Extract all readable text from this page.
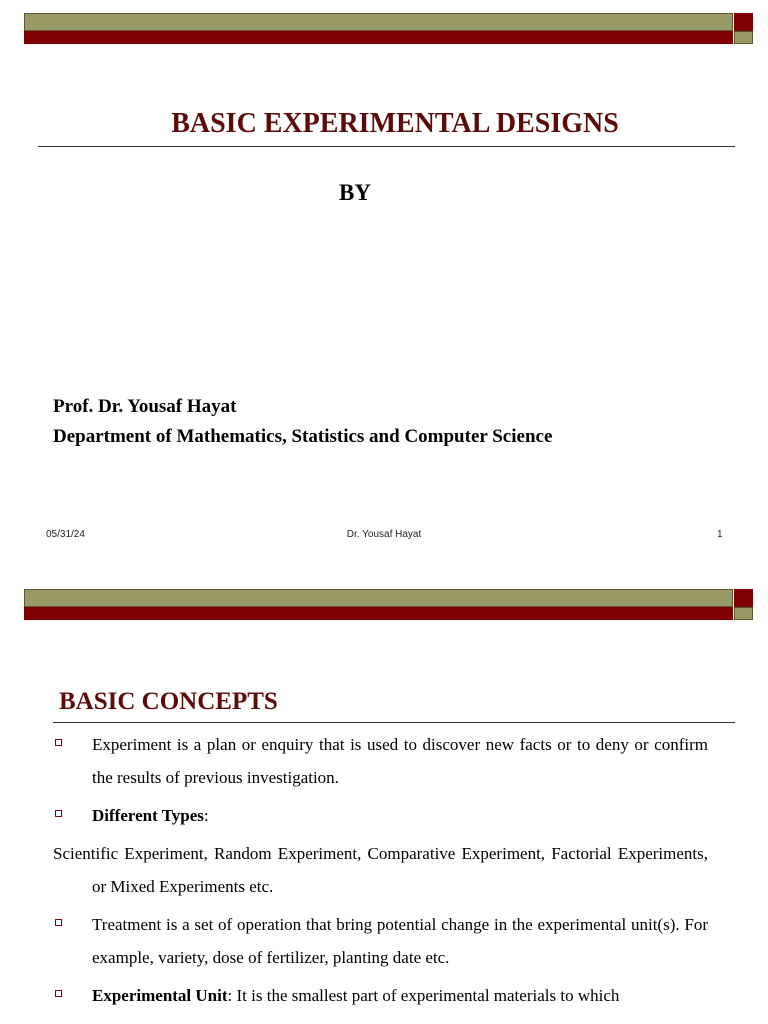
BASIC EXPERIMENTAL DESIGNS
BY
Prof. Dr. Yousaf Hayat
Department of Mathematics, Statistics and Computer Science
05/31/24	Dr. Yousaf Hayat	1
BASIC CONCEPTS
Experiment is a plan or enquiry that is used to discover new facts or to deny or confirm the results of previous investigation.
Different Types:
Scientific Experiment, Random Experiment, Comparative Experiment, Factorial Experiments, or Mixed Experiments etc.
Treatment is a set of operation that bring potential change in the experimental unit(s). For example, variety, dose of fertilizer, planting date etc.
Experimental Unit: It is the smallest part of experimental materials to which
